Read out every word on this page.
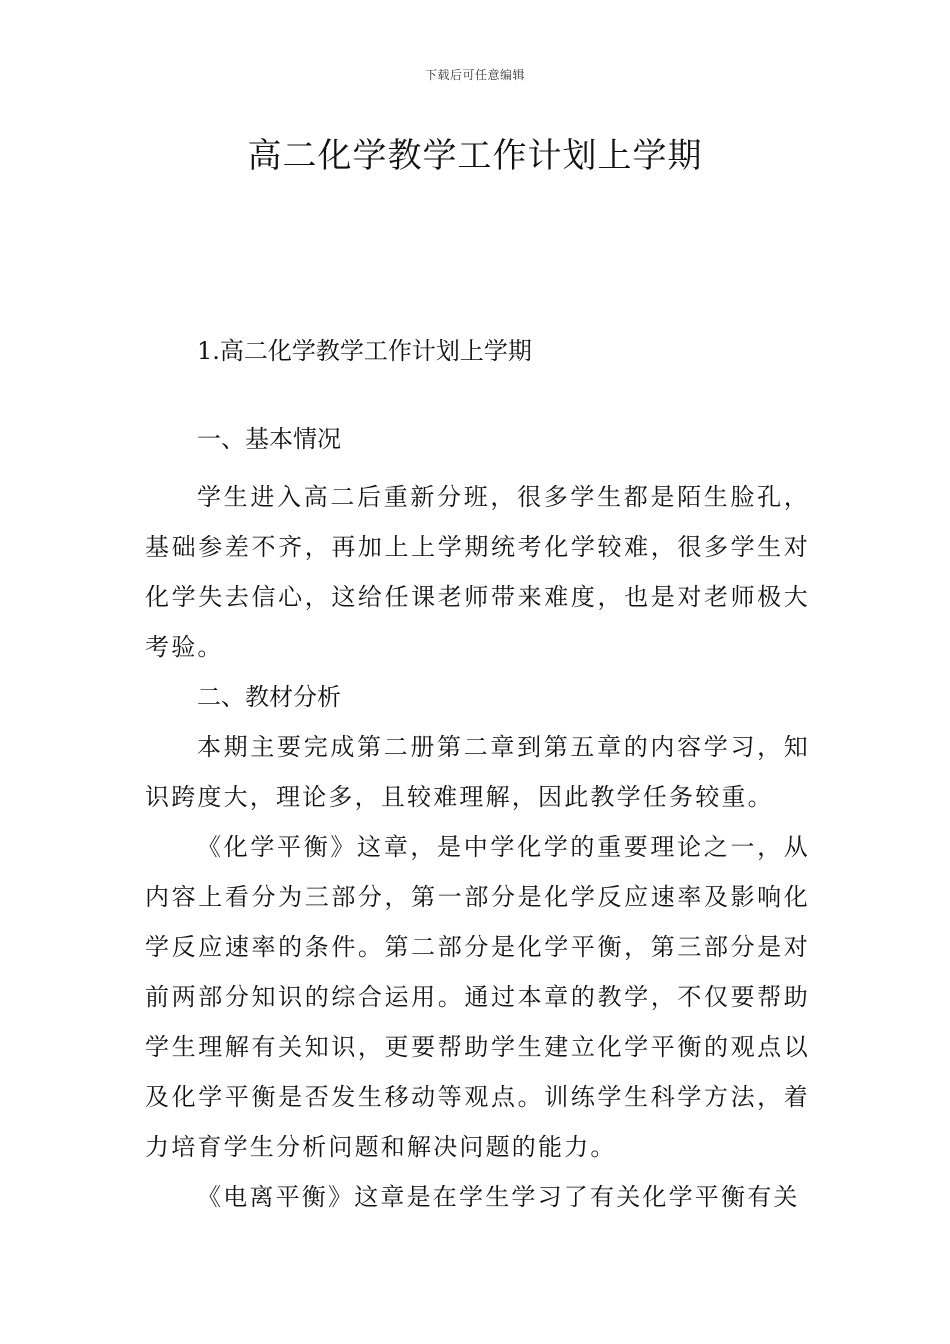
下载后可任意编辑
高二化学教学工作计划上学期

1.高二化学教学工作计划上学期

一、基本情况

学生进入高二后重新分班，很多学生都是陌生脸孔，基础参差不齐，再加上上学期统考化学较难，很多学生对化学失去信心，这给任课老师带来难度，也是对老师极大考验。

二、教材分析

本期主要完成第二册第二章到第五章的内容学习，知识跨度大，理论多，且较难理解，因此教学任务较重。

《化学平衡》这章，是中学化学的重要理论之一，从内容上看分为三部分，第一部分是化学反应速率及影响化学反应速率的条件。第二部分是化学平衡，第三部分是对前两部分知识的综合运用。通过本章的教学，不仅要帮助学生理解有关知识，更要帮助学生建立化学平衡的观点以及化学平衡是否发生移动等观点。训练学生科学方法，着力培育学生分析问题和解决问题的能力。

《电离平衡》这章是在学生学习了有关化学平衡有关
